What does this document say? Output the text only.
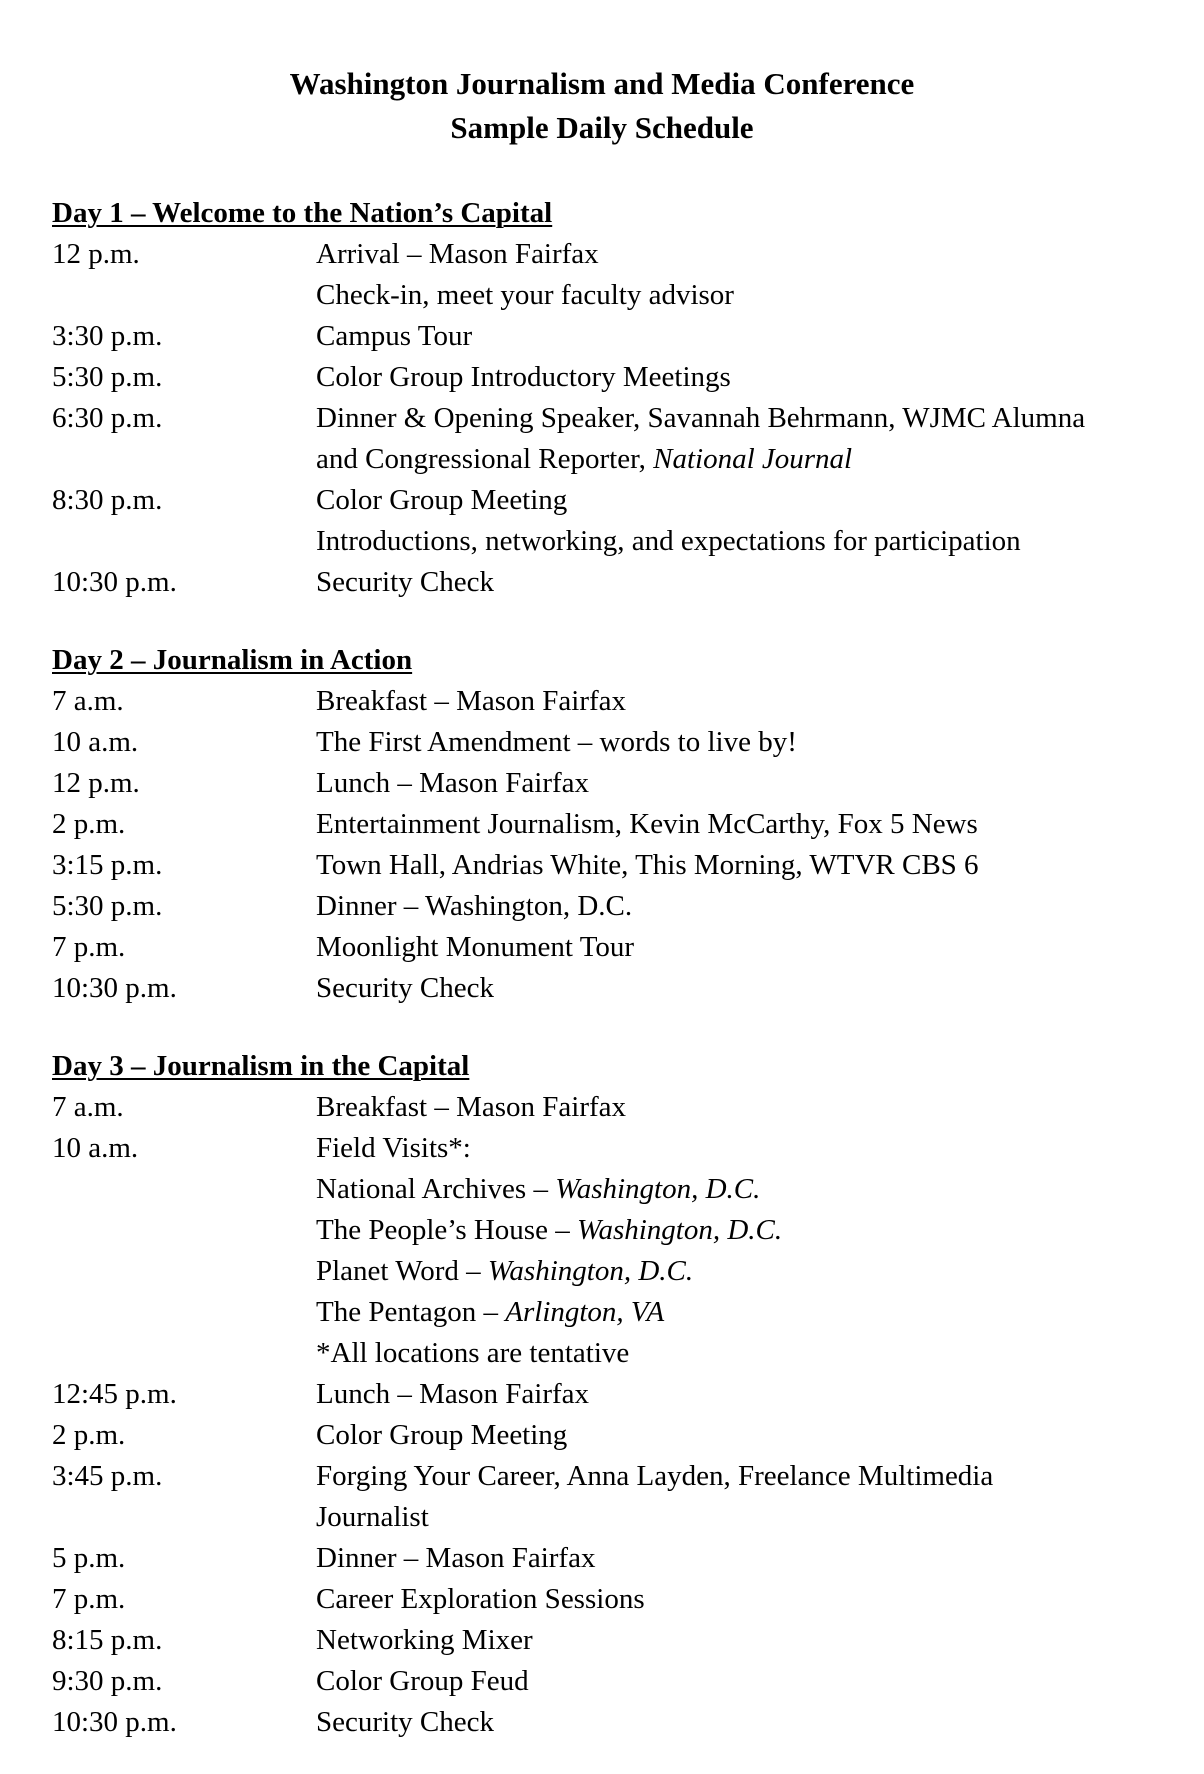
Washington Journalism and Media Conference
Sample Daily Schedule
Day 1 – Welcome to the Nation’s Capital
12 p.m.	Arrival – Mason Fairfax
Check-in, meet your faculty advisor
3:30 p.m.	Campus Tour
5:30 p.m.	Color Group Introductory Meetings
6:30 p.m.	Dinner & Opening Speaker, Savannah Behrmann, WJMC Alumna
and Congressional Reporter, National Journal
8:30 p.m.	Color Group Meeting
Introductions, networking, and expectations for participation
10:30 p.m.	Security Check
Day 2 – Journalism in Action
7 a.m.	Breakfast – Mason Fairfax
10 a.m.	The First Amendment – words to live by!
12 p.m.	Lunch – Mason Fairfax
2 p.m.	Entertainment Journalism, Kevin McCarthy, Fox 5 News
3:15 p.m.	Town Hall, Andrias White, This Morning, WTVR CBS 6
5:30 p.m.	Dinner – Washington, D.C.
7 p.m.	Moonlight Monument Tour
10:30 p.m.	Security Check
Day 3 – Journalism in the Capital
7 a.m.	Breakfast – Mason Fairfax
10 a.m.	Field Visits*:
National Archives – Washington, D.C.
The People’s House – Washington, D.C.
Planet Word – Washington, D.C.
The Pentagon – Arlington, VA
*All locations are tentative
12:45 p.m.	Lunch – Mason Fairfax
2 p.m.	Color Group Meeting
3:45 p.m.	Forging Your Career, Anna Layden, Freelance Multimedia
Journalist
5 p.m.	Dinner – Mason Fairfax
7 p.m.	Career Exploration Sessions
8:15 p.m.	Networking Mixer
9:30 p.m.	Color Group Feud
10:30 p.m.	Security Check
